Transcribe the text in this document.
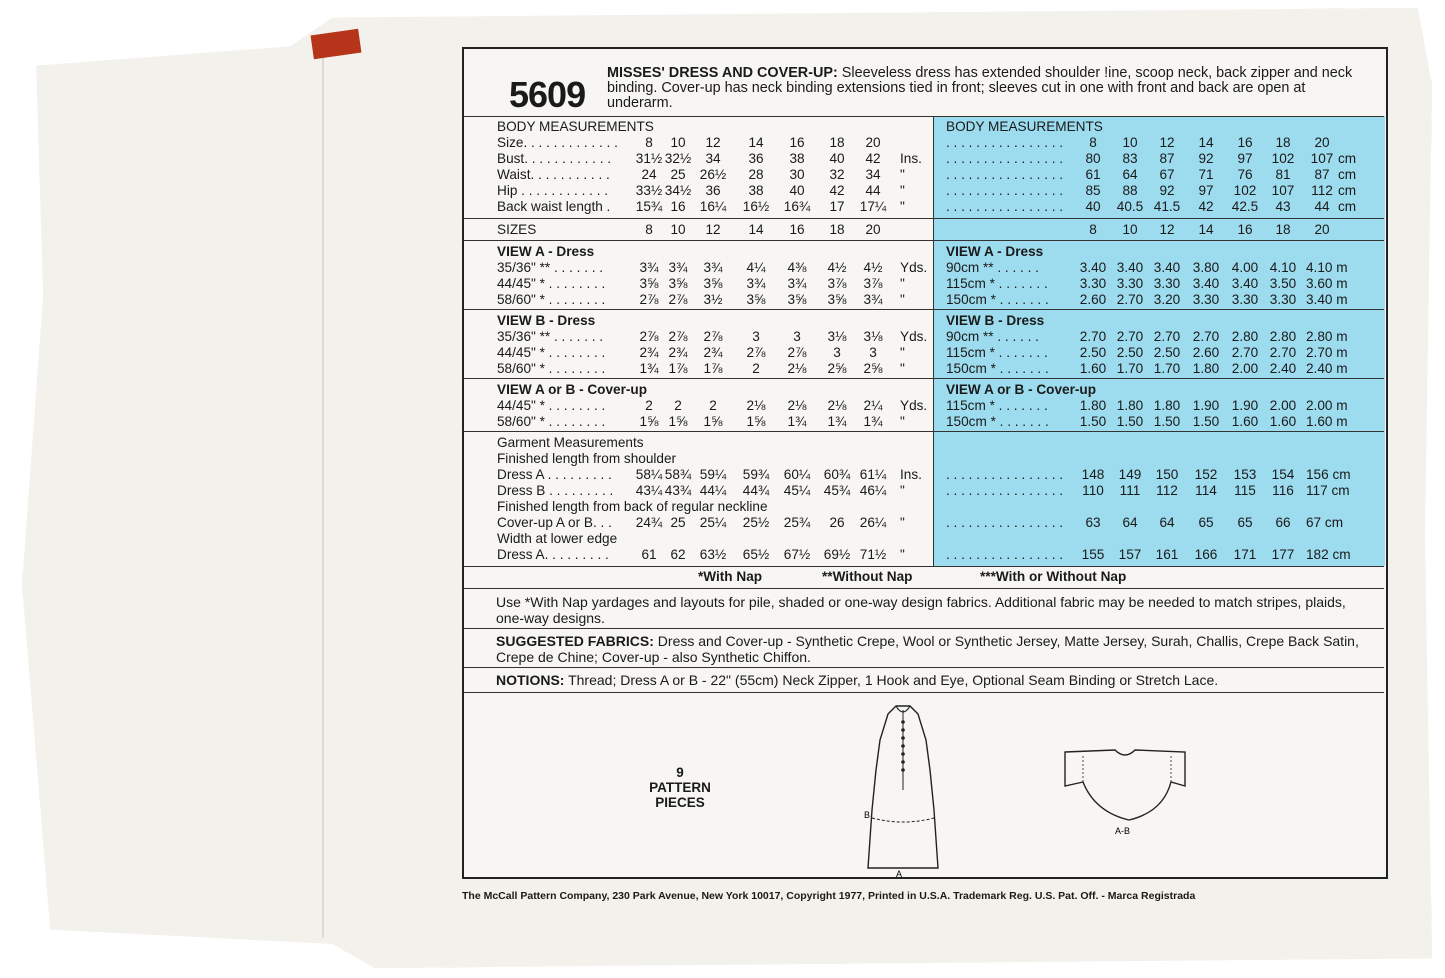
5609
MISSES' DRESS AND COVER-UP: Sleeveless dress has extended shoulder !ine, scoop neck, back zipper and neck binding. Cover-up has neck binding extensions tied in front; sleeves cut in one with front and back are open at underarm.
BODY MEASUREMENTS	BODY MEASUREMENTS
Size. . . . . . . . . . . . .	8	10	12	14	16	18	20	. . . . . . . . . . . . . . . .	8	10	12	14	16	18	20
Bust. . . . . . . . . . . .	31½ 32½	34	36	38	40	42	Ins. . . . . . . . . . . . . . . . .	80	83	87	92	97	102	107 cm
Waist. . . . . . . . . . .	24	25	26½	28	30	32	34	"	. . . . . . . . . . . . . . . .	61	64	67	71	76	81	87 cm
Hip . . . . . . . . . . . .	33½ 34½	36	38	40	42	44	"	. . . . . . . . . . . . . . . .	85	88	92	97	102	107	112 cm
Back waist length .	15¾ 16	16¼	16½	16¾	17	17¼	"	. . . . . . . . . . . . . . . .	40	40.5 41.5	42	42.5	43	44 cm
SIZES	8	10	12	14	16	18	20	8	10	12	14	16	18	20
VIEW A - Dress	VIEW A - Dress
35/36" ** . . . . . . .	3¾ 3¾	3¾	4¼	4⅜	4½	4½	Yds. 90cm ** . . . . . .	3.40 3.40 3.40 3.80 4.00 4.10 4.10 m
44/45" * . . . . . . . .	3⅝ 3⅝	3⅝	3¾	3¾	3⅞	3⅞	"	115cm * . . . . . . .	3.30 3.30 3.30 3.40 3.40 3.50 3.60 m
58/60" * . . . . . . . .	2⅞ 2⅞	3½	3⅝	3⅝	3⅝	3¾	"	150cm * . . . . . . .	2.60 2.70 3.20 3.30 3.30 3.30 3.40 m
VIEW B - Dress	VIEW B - Dress
35/36" ** . . . . . . .	2⅞ 2⅞	2⅞	3	3	3⅛	3⅛	Yds. 90cm ** . . . . . .	2.70 2.70 2.70 2.70 2.80 2.80 2.80 m
44/45" * . . . . . . . .	2¾ 2¾	2¾	2⅞	2⅞	3	3	"	115cm * . . . . . . .	2.50 2.50 2.50 2.60 2.70 2.70 2.70 m
58/60" * . . . . . . . .	1¾ 1⅞	1⅞	2	2⅛	2⅝	2⅝	"	150cm * . . . . . . .	1.60 1.70 1.70 1.80 2.00 2.40 2.40 m
VIEW A or B - Cover-up	VIEW A or B - Cover-up
44/45" * . . . . . . . .	2	2	2	2⅛	2⅛	2⅛	2¼	Yds. 115cm * . . . . . . .	1.80 1.80 1.80 1.90 1.90 2.00 2.00 m
58/60" * . . . . . . . .	1⅝ 1⅝	1⅝	1⅝	1¾	1¾	1¾	"	150cm * . . . . . . .	1.50 1.50 1.50 1.50 1.60 1.60 1.60 m
Garment Measurements
Finished length from shoulder
Dress A . . . . . . . . .	58¼ 58¾ 59¼	59¾	60¼ 60¾ 61¼	Ins. . . . . . . . . . . . . . . . .	148	149	150	152	153	154 156 cm
Dress B . . . . . . . . .	43¼ 43¾ 44¼	44¾	45¼ 45¾ 46¼	"	. . . . . . . . . . . . . . . .	110	111	112	114	115	116 117 cm
Finished length from back of regular neckline
Cover-up A or B. . .	24¾ 25	25¼	25½	25¾	26	26¼	"	. . . . . . . . . . . . . . . .	63	64	64	65	65	66	67 cm
Width at lower edge
Dress A. . . . . . . . .	61	62	63½	65½	67½ 69½ 71½	"	. . . . . . . . . . . . . . . .	155	157	161	166	171	177 182 cm
*With Nap	**Without Nap	***With or Without Nap
Use *With Nap yardages and layouts for pile, shaded or one-way design fabrics. Additional fabric may be needed to match stripes, plaids, one-way designs.
SUGGESTED FABRICS: Dress and Cover-up - Synthetic Crepe, Wool or Synthetic Jersey, Matte Jersey, Surah, Challis, Crepe Back Satin, Crepe de Chine; Cover-up - also Synthetic Chiffon.
NOTIONS: Thread; Dress A or B - 22" (55cm) Neck Zipper, 1 Hook and Eye, Optional Seam Binding or Stretch Lace.
9
PATTERN
PIECES
B
A
A-B
The McCall Pattern Company, 230 Park Avenue, New York 10017, Copyright 1977, Printed in U.S.A. Trademark Reg. U.S. Pat. Off. - Marca Registrada
